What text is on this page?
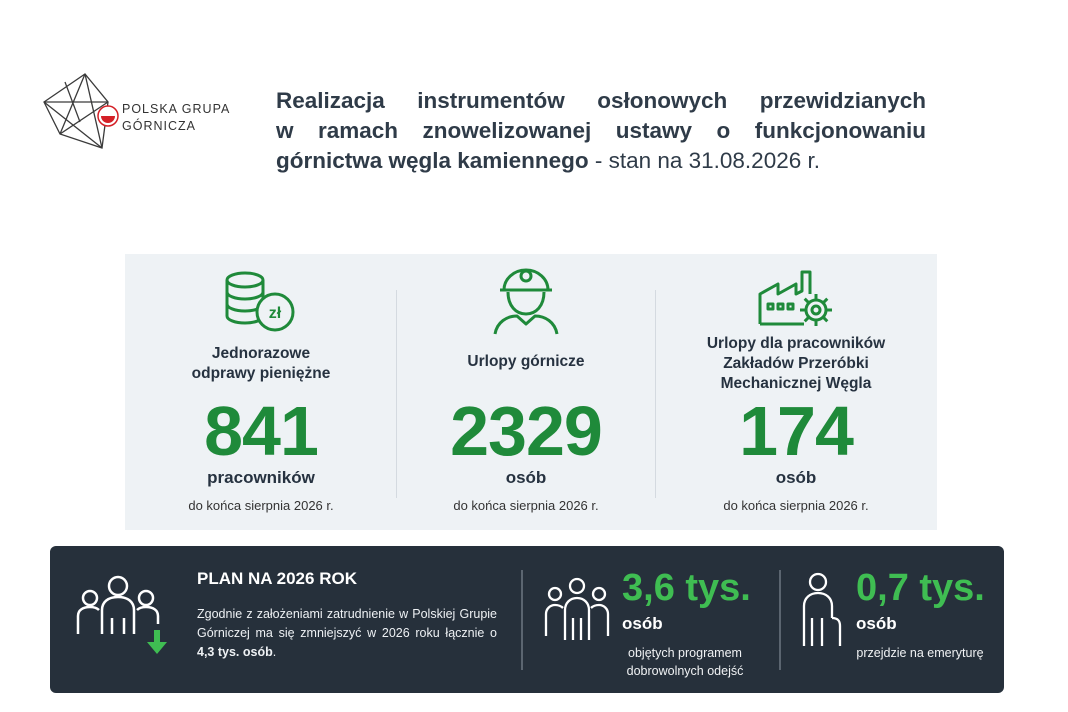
POLSKA GRUPA
GÓRNICZA
Realizacja instrumentów osłonowych przewidzianych
w ramach znowelizowanej ustawy o funkcjonowaniu
górnictwa węgla kamiennego - stan na 31.08.2026 r.
zł
Jednorazowe
odprawy pieniężne
841
pracowników
do końca sierpnia 2026 r.
Urlopy górnicze
2329
osób
do końca sierpnia 2026 r.
Urlopy dla pracowników
Zakładów Przeróbki
Mechanicznej Węgla
174
osób
do końca sierpnia 2026 r.
PLAN NA 2026 ROK
Zgodnie z założeniami zatrudnienie w Polskiej Grupie Górniczej ma się zmniejszyć w 2026 roku łącznie o 4,3 tys. osób.
3,6 tys.
osób
objętych programem
dobrowolnych odejść
0,7 tys.
osób
przejdzie na emeryturę
